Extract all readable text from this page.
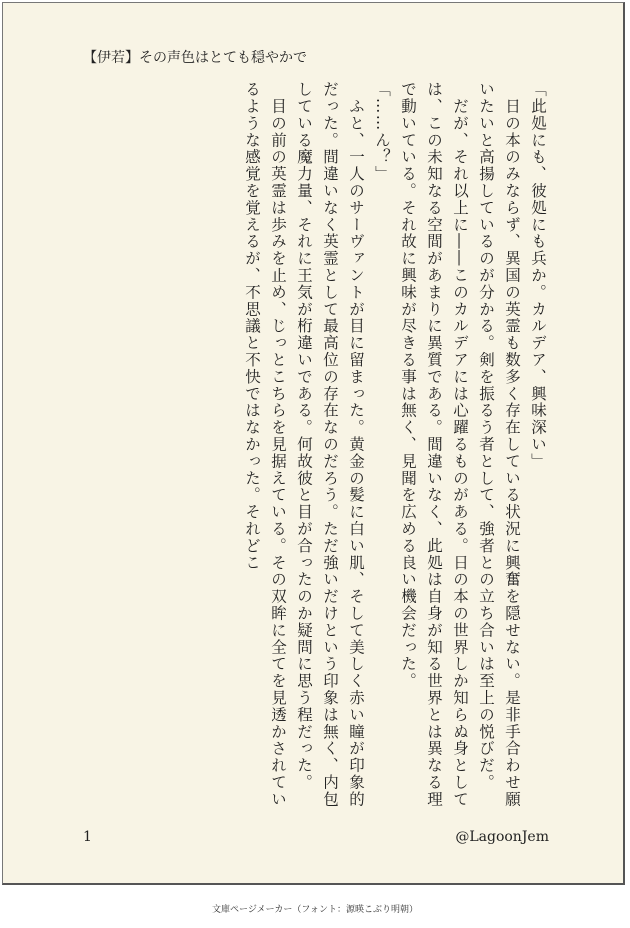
【伊若】その声色はとても穏やかで

「此処にも、彼処にも兵か。カルデア、興味深い」

　日の本のみならず、異国の英霊も数多く存在している状況に興奮を隠せない。是非手合わせ願いたいと高揚しているのが分かる。剣を振るう者として、強者との立ち合いは至上の悦びだ。

　だが、それ以上に――このカルデアには心躍るものがある。日の本の世界しか知らぬ身としては、この未知なる空間があまりに異質である。間違いなく、此処は自身が知る世界とは異なる理で動いている。それ故に興味が尽きる事は無く、見聞を広める良い機会だった。

「……ん？」

　ふと、一人のサーヴァントが目に留まった。黄金の髪に白い肌、そして美しく赤い瞳が印象的だった。間違いなく英霊として最高位の存在なのだろう。ただ強いだけという印象は無く、内包している魔力量、それに王気が桁違いである。何故彼と目が合ったのか疑問に思う程だった。

　目の前の英霊は歩みを止め、じっとこちらを見据えている。その双眸に全てを見透かされているような感覚を覚えるが、不思議と不快ではなかった。それどこ

1	@LagoonJem
文庫ページメーカー（フォント：源暎こぶり明朝）
